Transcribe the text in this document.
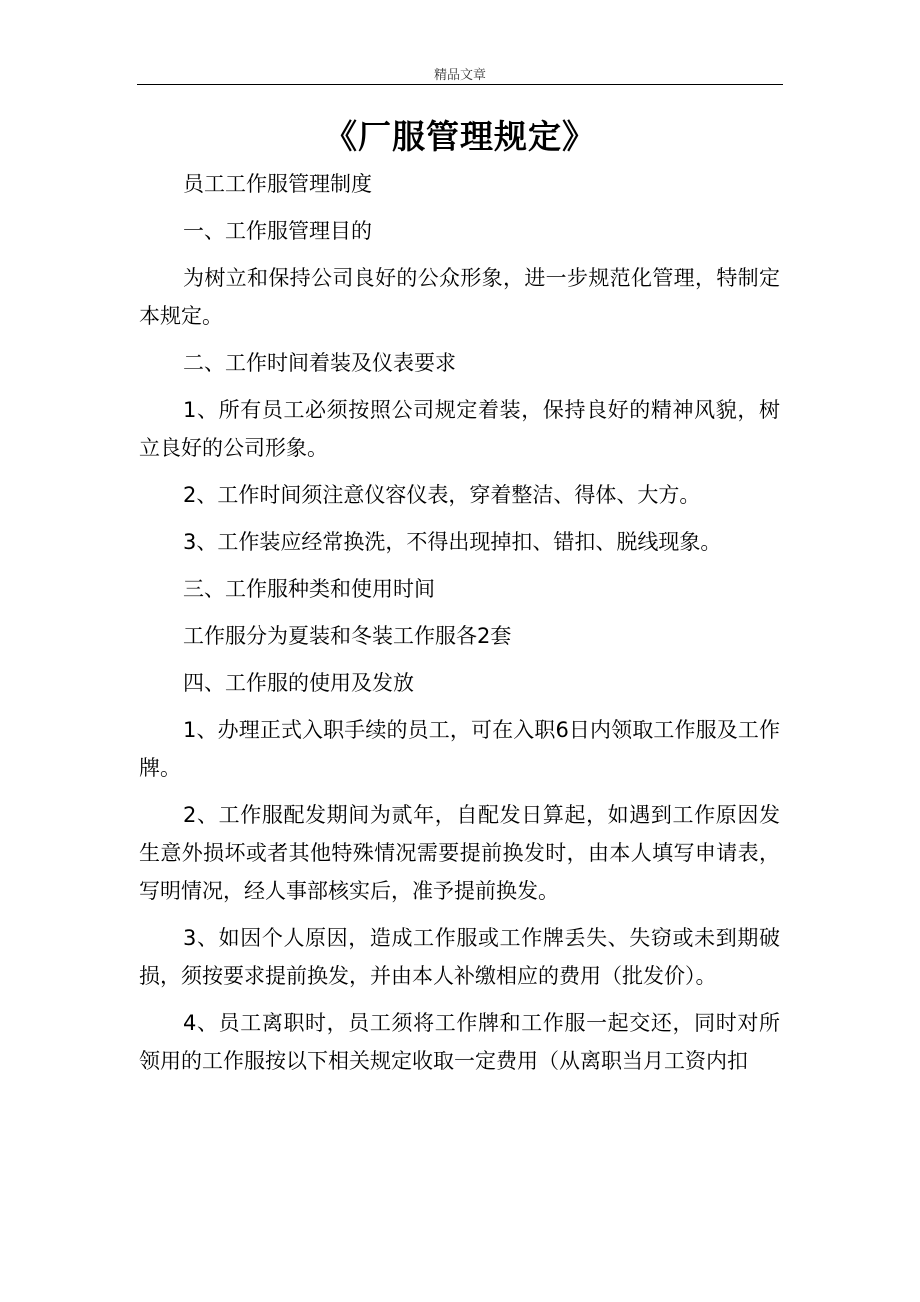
精品文章
《厂服管理规定》

员工工作服管理制度

一、工作服管理目的

为树立和保持公司良好的公众形象，进一步规范化管理，特制定本规定。

二、工作时间着装及仪表要求

1、所有员工必须按照公司规定着装，保持良好的精神风貌，树立良好的公司形象。

2、工作时间须注意仪容仪表，穿着整洁、得体、大方。

3、工作装应经常换洗，不得出现掉扣、错扣、脱线现象。

三、工作服种类和使用时间

工作服分为夏装和冬装工作服各2套

四、工作服的使用及发放

1、办理正式入职手续的员工，可在入职6日内领取工作服及工作牌。

2、工作服配发期间为贰年，自配发日算起，如遇到工作原因发生意外损坏或者其他特殊情况需要提前换发时，由本人填写申请表，写明情况，经人事部核实后，准予提前换发。

3、如因个人原因，造成工作服或工作牌丢失、失窃或未到期破损，须按要求提前换发，并由本人补缴相应的费用（批发价）。

4、员工离职时，员工须将工作牌和工作服一起交还，同时对所领用的工作服按以下相关规定收取一定费用（从离职当月工资内扣
